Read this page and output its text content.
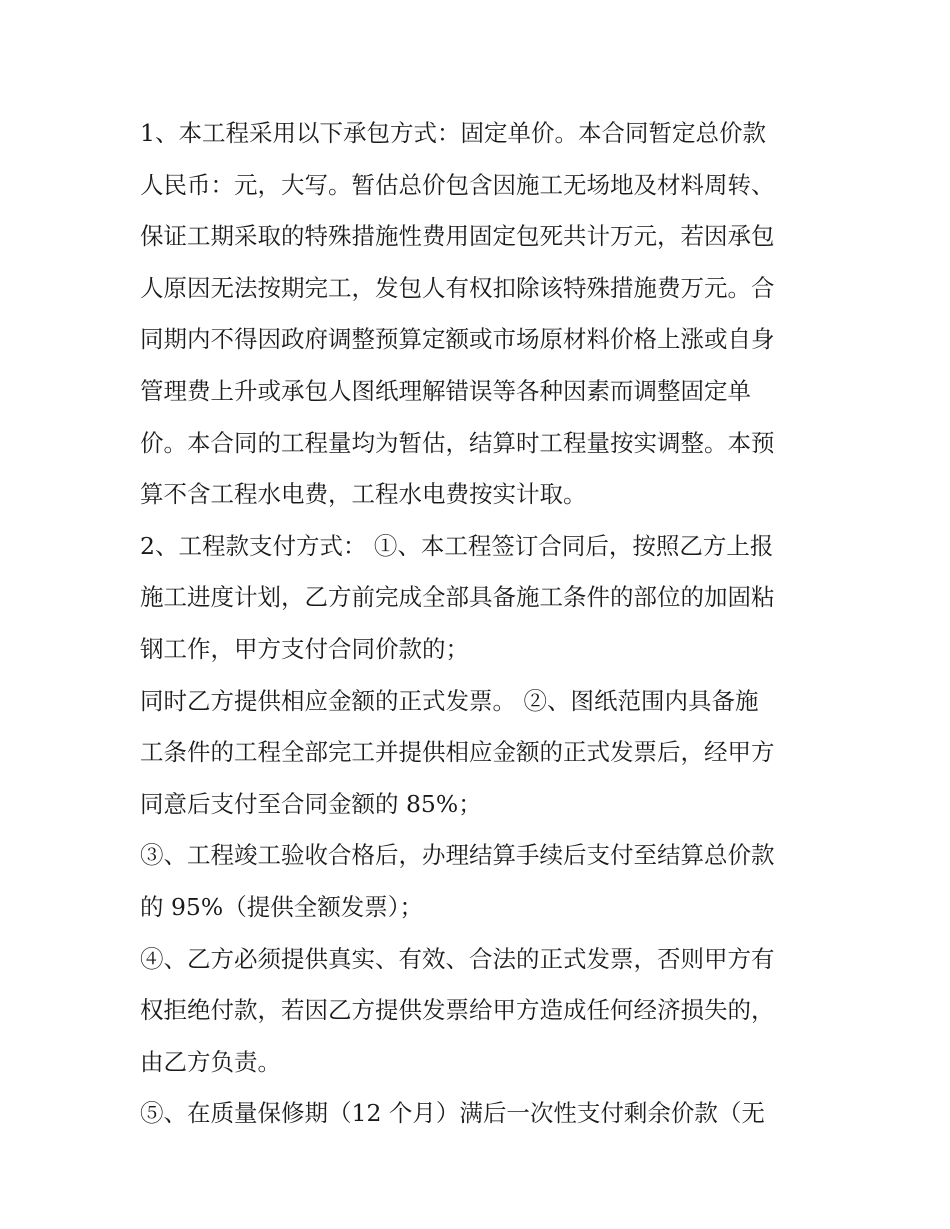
1、本工程采用以下承包方式：固定单价。本合同暂定总价款
人民币：元，大写。暂估总价包含因施工无场地及材料周转、
保证工期采取的特殊措施性费用固定包死共计万元，若因承包
人原因无法按期完工，发包人有权扣除该特殊措施费万元。合
同期内不得因政府调整预算定额或市场原材料价格上涨或自身
管理费上升或承包人图纸理解错误等各种因素而调整固定单
价。本合同的工程量均为暂估，结算时工程量按实调整。本预
算不含工程水电费，工程水电费按实计取。
2、工程款支付方式： ①、本工程签订合同后，按照乙方上报
施工进度计划，乙方前完成全部具备施工条件的部位的加固粘
钢工作，甲方支付合同价款的；
同时乙方提供相应金额的正式发票。 ②、图纸范围内具备施
工条件的工程全部完工并提供相应金额的正式发票后，经甲方
同意后支付至合同金额的 85%；
③、工程竣工验收合格后，办理结算手续后支付至结算总价款
的 95%（提供全额发票）；
④、乙方必须提供真实、有效、合法的正式发票，否则甲方有
权拒绝付款，若因乙方提供发票给甲方造成任何经济损失的，
由乙方负责。
⑤、在质量保修期（12 个月）满后一次性支付剩余价款（无
